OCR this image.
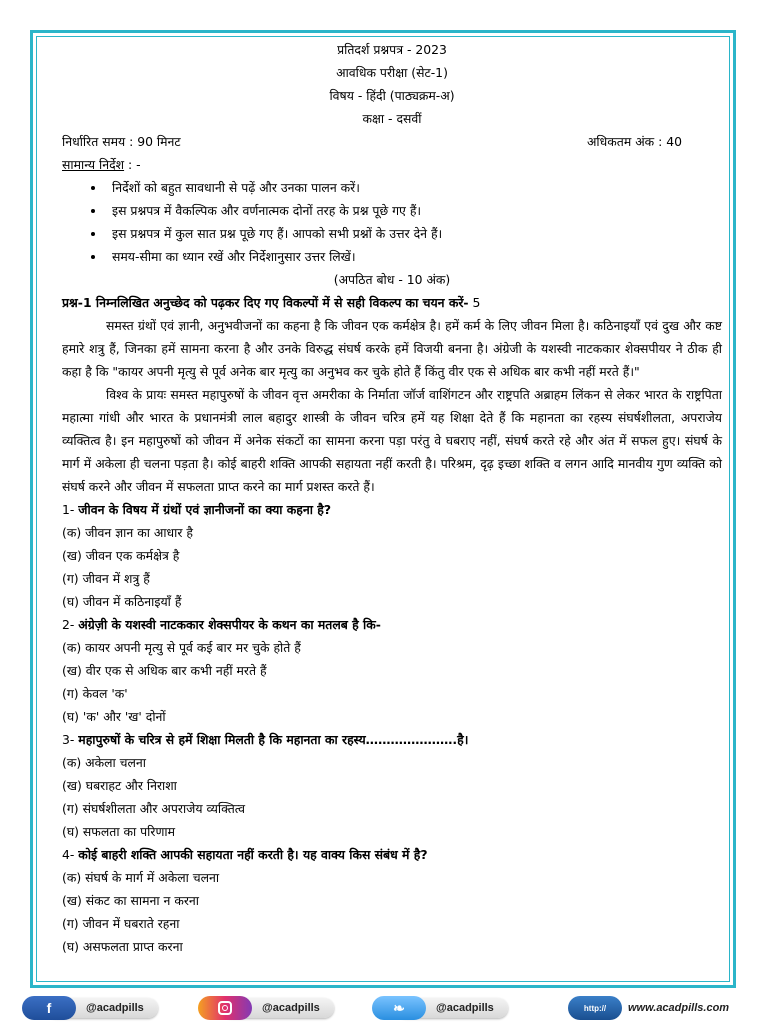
प्रतिदर्श प्रश्नपत्र - 2023
आवधिक परीक्षा (सेट-1)
विषय - हिंदी (पाठ्यक्रम-अ)
कक्षा - दसवीं
निर्धारित समय : 90 मिनट	अधिकतम अंक : 40
सामान्य निर्देश : -
• निर्देशों को बहुत सावधानी से पढ़ें और उनका पालन करें।
• इस प्रश्नपत्र में वैकल्पिक और वर्णनात्मक दोनों तरह के प्रश्न पूछे गए हैं।
• इस प्रश्नपत्र में कुल सात प्रश्न पूछे गए हैं। आपको सभी प्रश्नों के उत्तर देने हैं।
• समय-सीमा का ध्यान रखें और निर्देशानुसार उत्तर लिखें।
(अपठित बोध - 10 अंक)
प्रश्न-1 निम्नलिखित अनुच्छेद को पढ़कर दिए गए विकल्पों में से सही विकल्प का चयन करें- 5

समस्त ग्रंथों एवं ज्ञानी, अनुभवीजनों का कहना है कि जीवन एक कर्मक्षेत्र है। हमें कर्म के लिए जीवन मिला है। कठिनाइयाँ एवं दुख और कष्ट हमारे शत्रु हैं, जिनका हमें सामना करना है और उनके विरुद्ध संघर्ष करके हमें विजयी बनना है। अंग्रेजी के यशस्वी नाटककार शेक्सपीयर ने ठीक ही कहा है कि "कायर अपनी मृत्यु से पूर्व अनेक बार मृत्यु का अनुभव कर चुके होते हैं किंतु वीर एक से अधिक बार कभी नहीं मरते हैं।"

विश्व के प्रायः समस्त महापुरुषों के जीवन वृत्त अमरीका के निर्माता जॉर्ज वाशिंगटन और राष्ट्रपति अब्राहम लिंकन से लेकर भारत के राष्ट्रपिता महात्मा गांधी और भारत के प्रधानमंत्री लाल बहादुर शास्त्री के जीवन चरित्र हमें यह शिक्षा देते हैं कि महानता का रहस्य संघर्षशीलता, अपराजेय व्यक्तित्व है। इन महापुरुषों को जीवन में अनेक संकटों का सामना करना पड़ा परंतु वे घबराए नहीं, संघर्ष करते रहे और अंत में सफल हुए। संघर्ष के मार्ग में अकेला ही चलना पड़ता है। कोई बाहरी शक्ति आपकी सहायता नहीं करती है। परिश्रम, दृढ़ इच्छा शक्ति व लगन आदि मानवीय गुण व्यक्ति को संघर्ष करने और जीवन में सफलता प्राप्त करने का मार्ग प्रशस्त करते हैं।

1- जीवन के विषय में ग्रंथों एवं ज्ञानीजनों का क्या कहना है?
(क) जीवन ज्ञान का आधार है
(ख) जीवन एक कर्मक्षेत्र है
(ग) जीवन में शत्रु हैं
(घ) जीवन में कठिनाइयाँ हैं
2- अंग्रेज़ी के यशस्वी नाटककार शेक्सपीयर के कथन का मतलब है कि-
(क) कायर अपनी मृत्यु से पूर्व कई बार मर चुके होते हैं
(ख) वीर एक से अधिक बार कभी नहीं मरते हैं
(ग) केवल 'क'
(घ) 'क' और 'ख' दोनों
3- महापुरुषों के चरित्र से हमें शिक्षा मिलती है कि महानता का रहस्य………………….है।
(क) अकेला चलना
(ख) घबराहट और निराशा
(ग) संघर्षशीलता और अपराजेय व्यक्तित्व
(घ) सफलता का परिणाम
4- कोई बाहरी शक्ति आपकी सहायता नहीं करती है। यह वाक्य किस संबंध में है?
(क) संघर्ष के मार्ग में अकेला चलना
(ख) संकट का सामना न करना
(ग) जीवन में घबराते रहना
(घ) असफलता प्राप्त करना
f	@acadpills	@acadpills	❧	@acadpills	http://	www.acadpills.com
